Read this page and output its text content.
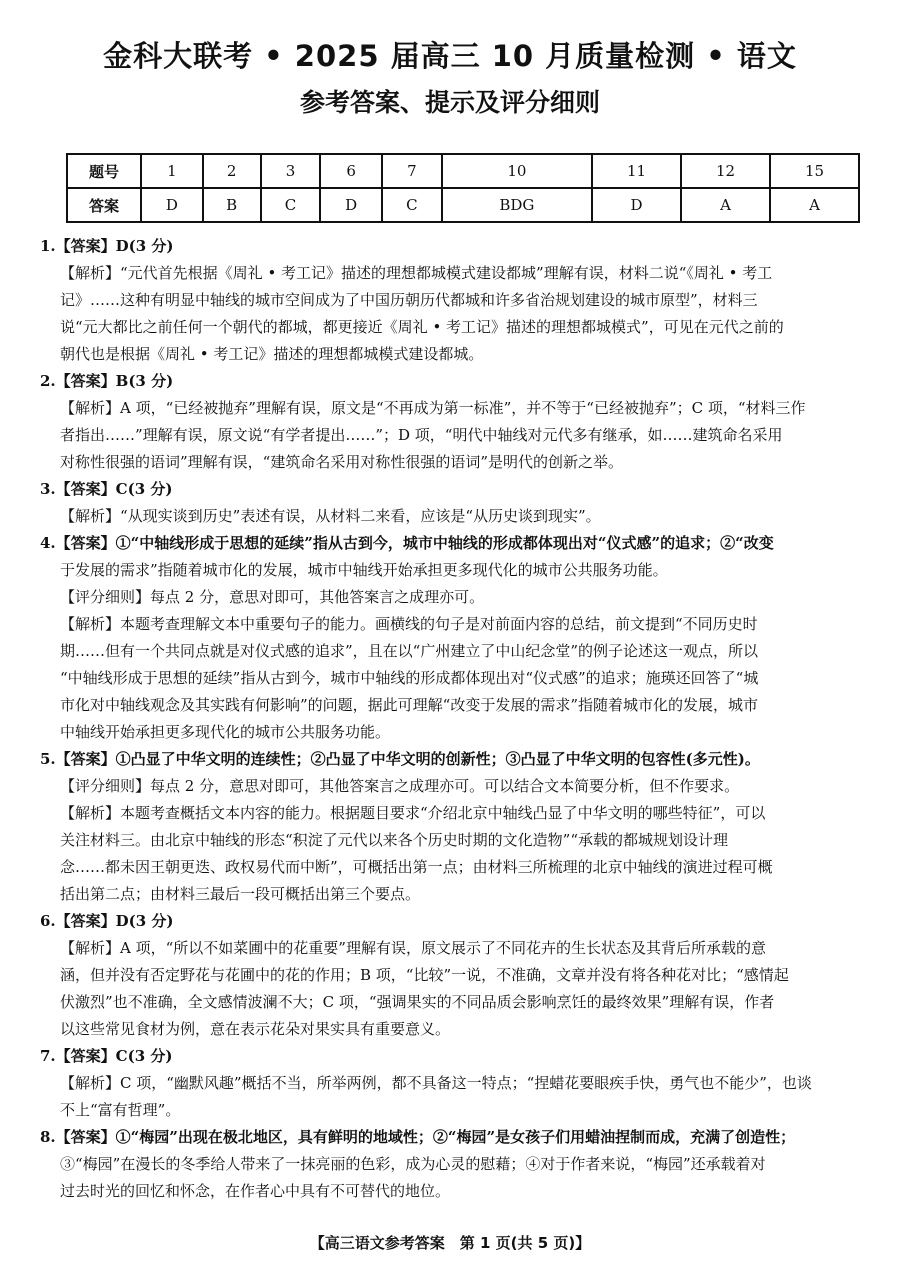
金科大联考 • 2025 届高三 10 月质量检测 • 语文
参考答案、提示及评分细则
题号	1	2	3	6	7	10	11	12	15
答案	D	B	C	D	C	BDG	D	A	A
1.【答案】D(3 分)
【解析】“元代首先根据《周礼 • 考工记》描述的理想都城模式建设都城”理解有误，材料二说“《周礼 • 考工
记》……这种有明显中轴线的城市空间成为了中国历朝历代都城和许多省治规划建设的城市原型”，材料三
说“元大都比之前任何一个朝代的都城，都更接近《周礼 • 考工记》描述的理想都城模式”，可见在元代之前的
朝代也是根据《周礼 • 考工记》描述的理想都城模式建设都城。
2.【答案】B(3 分)
【解析】A 项，“已经被抛弃”理解有误，原文是“不再成为第一标准”，并不等于“已经被抛弃”；C 项，“材料三作
者指出……”理解有误，原文说“有学者提出……”；D 项，“明代中轴线对元代多有继承，如……建筑命名采用
对称性很强的语词”理解有误，“建筑命名采用对称性很强的语词”是明代的创新之举。
3.【答案】C(3 分)
【解析】“从现实谈到历史”表述有误，从材料二来看，应该是“从历史谈到现实”。
4.【答案】①“中轴线形成于思想的延续”指从古到今，城市中轴线的形成都体现出对“仪式感”的追求；②“改变
于发展的需求”指随着城市化的发展，城市中轴线开始承担更多现代化的城市公共服务功能。
【评分细则】每点 2 分，意思对即可，其他答案言之成理亦可。
【解析】本题考查理解文本中重要句子的能力。画横线的句子是对前面内容的总结，前文提到“不同历史时
期……但有一个共同点就是对仪式感的追求”，且在以“广州建立了中山纪念堂”的例子论述这一观点，所以
“中轴线形成于思想的延续”指从古到今，城市中轴线的形成都体现出对“仪式感”的追求；施瑛还回答了“城
市化对中轴线观念及其实践有何影响”的问题，据此可理解“改变于发展的需求”指随着城市化的发展，城市
中轴线开始承担更多现代化的城市公共服务功能。
5.【答案】①凸显了中华文明的连续性；②凸显了中华文明的创新性；③凸显了中华文明的包容性(多元性)。
【评分细则】每点 2 分，意思对即可，其他答案言之成理亦可。可以结合文本简要分析，但不作要求。
【解析】本题考查概括文本内容的能力。根据题目要求“介绍北京中轴线凸显了中华文明的哪些特征”，可以
关注材料三。由北京中轴线的形态“积淀了元代以来各个历史时期的文化造物”“承载的都城规划设计理
念……都未因王朝更迭、政权易代而中断”，可概括出第一点；由材料三所梳理的北京中轴线的演进过程可概
括出第二点；由材料三最后一段可概括出第三个要点。
6.【答案】D(3 分)
【解析】A 项，“所以不如菜圃中的花重要”理解有误，原文展示了不同花卉的生长状态及其背后所承载的意
涵，但并没有否定野花与花圃中的花的作用；B 项，“比较”一说，不准确，文章并没有将各种花对比；“感情起
伏激烈”也不准确，全文感情波澜不大；C 项，“强调果实的不同品质会影响烹饪的最终效果”理解有误，作者
以这些常见食材为例，意在表示花朵对果实具有重要意义。
7.【答案】C(3 分)
【解析】C 项，“幽默风趣”概括不当，所举两例，都不具备这一特点；“捏蜡花要眼疾手快，勇气也不能少”，也谈
不上“富有哲理”。
8.【答案】①“梅园”出现在极北地区，具有鲜明的地域性；②“梅园”是女孩子们用蜡油捏制而成，充满了创造性；
③“梅园”在漫长的冬季给人带来了一抹亮丽的色彩，成为心灵的慰藉；④对于作者来说，“梅园”还承载着对
过去时光的回忆和怀念，在作者心中具有不可替代的地位。
【高三语文参考答案　第 1 页(共 5 页)】
